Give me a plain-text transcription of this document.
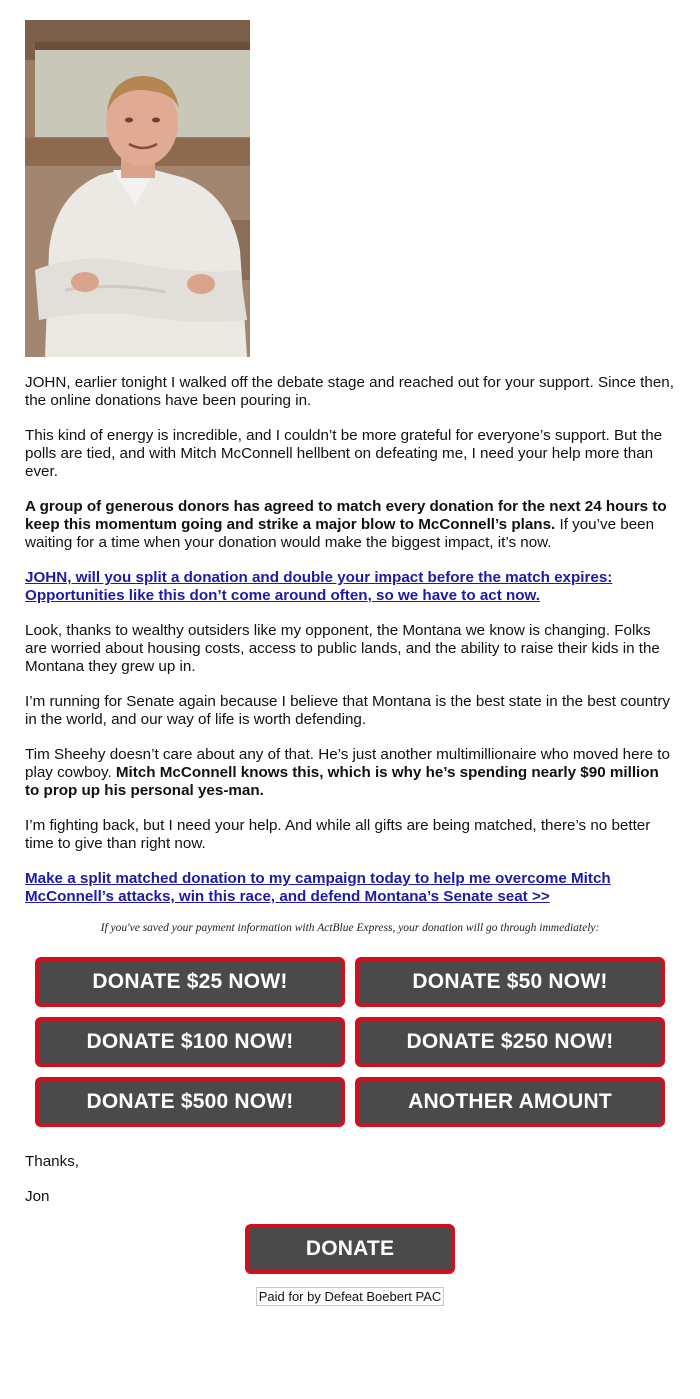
JOHN, earlier tonight I walked off the debate stage and reached out for your support. Since then, the online donations have been pouring in.

This kind of energy is incredible, and I couldn’t be more grateful for everyone’s support. But the polls are tied, and with Mitch McConnell hellbent on defeating me, I need your help more than ever.

A group of generous donors has agreed to match every donation for the next 24 hours to keep this momentum going and strike a major blow to McConnell’s plans. If you’ve been waiting for a time when your donation would make the biggest impact, it’s now.

JOHN, will you split a donation and double your impact before the match expires: Opportunities like this don’t come around often, so we have to act now.

Look, thanks to wealthy outsiders like my opponent, the Montana we know is changing. Folks are worried about housing costs, access to public lands, and the ability to raise their kids in the Montana they grew up in.

I’m running for Senate again because I believe that Montana is the best state in the best country in the world, and our way of life is worth defending.

Tim Sheehy doesn’t care about any of that. He’s just another multimillionaire who moved here to play cowboy. Mitch McConnell knows this, which is why he’s spending nearly $90 million to prop up his personal yes-man.

I’m fighting back, but I need your help. And while all gifts are being matched, there’s no better time to give than right now.

Make a split matched donation to my campaign today to help me overcome Mitch McConnell’s attacks, win this race, and defend Montana’s Senate seat >>

If you've saved your payment information with ActBlue Express, your donation will go through immediately:
DONATE $25 NOW!	DONATE $50 NOW!
DONATE $100 NOW!	DONATE $250 NOW!
DONATE $500 NOW!	ANOTHER AMOUNT

Thanks,

Jon

DONATE
Paid for by Defeat Boebert PAC
